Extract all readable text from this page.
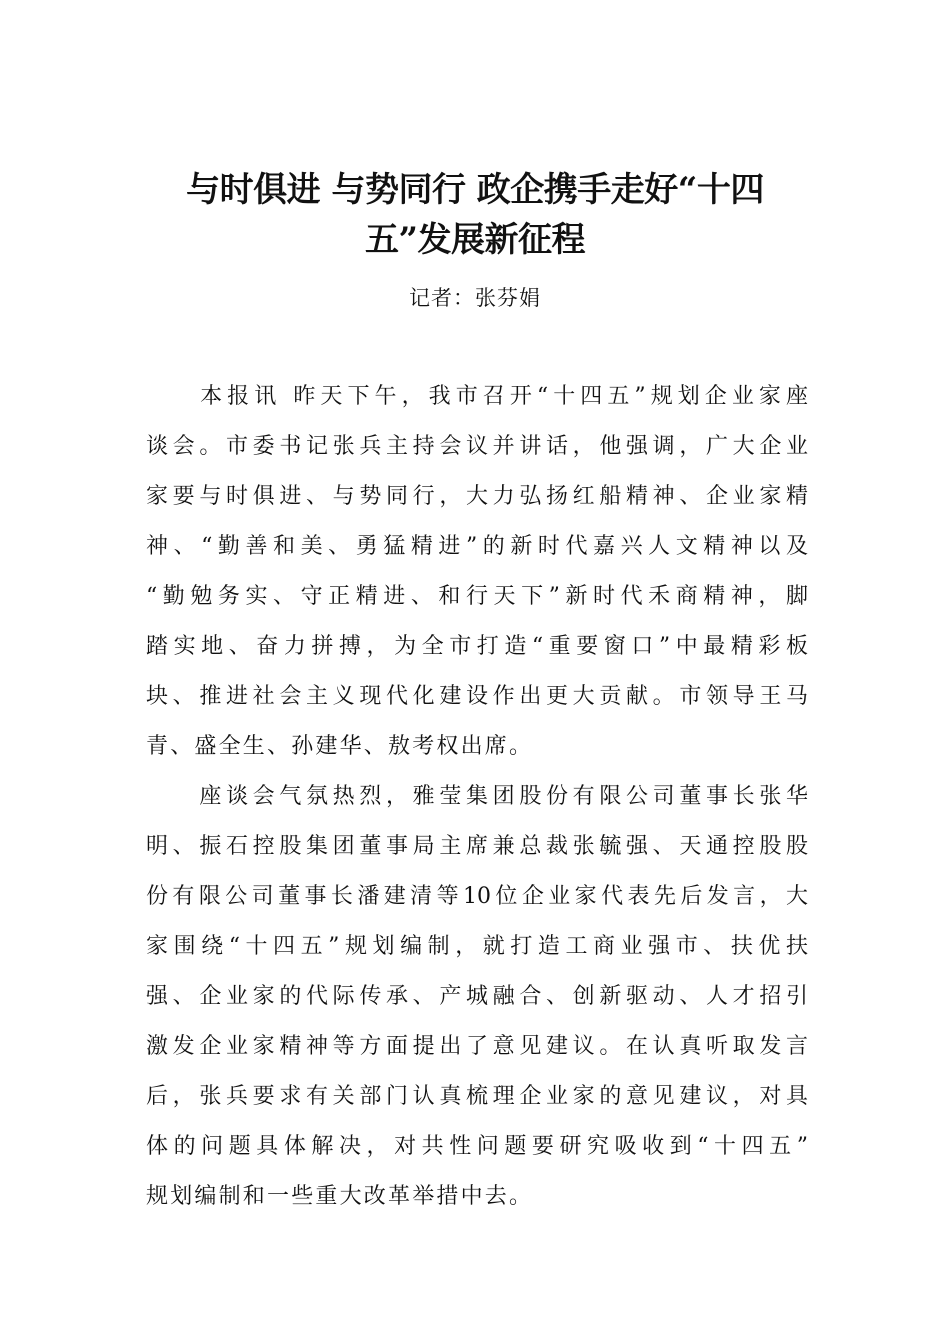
与时俱进 与势同行 政企携手走好“十四
五”发展新征程
记者：张芬娟

　　本报讯 昨天下午，我市召开“十四五”规划企业家座
谈会。市委书记张兵主持会议并讲话，他强调，广大企业
家要与时俱进、与势同行，大力弘扬红船精神、企业家精
神、“勤善和美、勇猛精进”的新时代嘉兴人文精神以及
“勤勉务实、守正精进、和行天下”新时代禾商精神，脚
踏实地、奋力拼搏，为全市打造“重要窗口”中最精彩板
块、推进社会主义现代化建设作出更大贡献。市领导王马
青、盛全生、孙建华、敖考权出席。

　　座谈会气氛热烈，雅莹集团股份有限公司董事长张华
明、振石控股集团董事局主席兼总裁张毓强、天通控股股
份有限公司董事长潘建清等10位企业家代表先后发言，大
家围绕“十四五”规划编制，就打造工商业强市、扶优扶
强、企业家的代际传承、产城融合、创新驱动、人才招引
激发企业家精神等方面提出了意见建议。在认真听取发言
后，张兵要求有关部门认真梳理企业家的意见建议，对具
体的问题具体解决，对共性问题要研究吸收到“十四五”
规划编制和一些重大改革举措中去。
